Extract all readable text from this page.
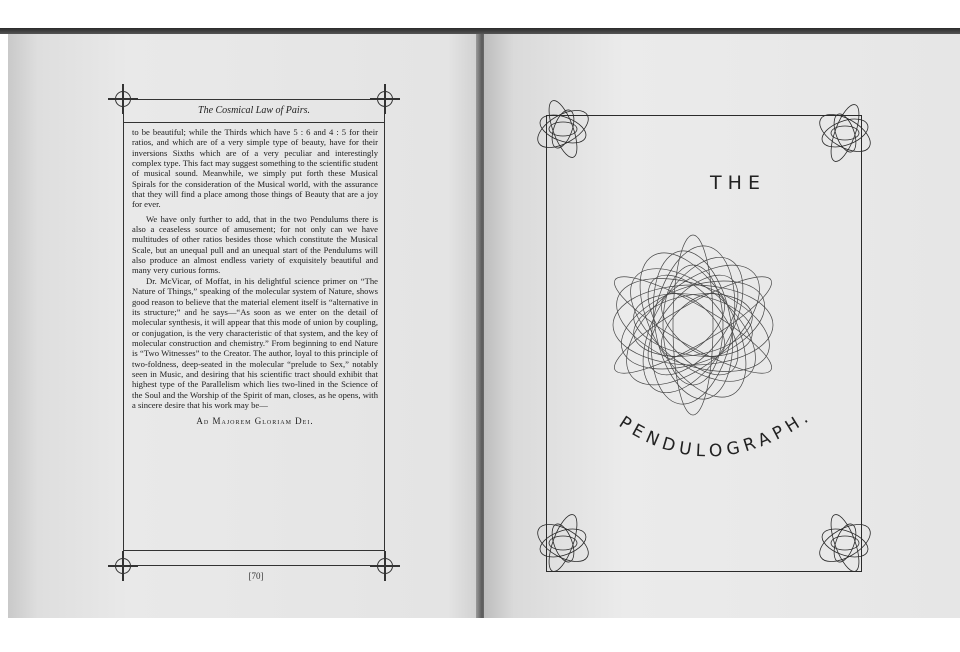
The Cosmical Law of Pairs.

to be beautiful; while the Thirds which have 5 : 6 and 4 : 5 for their ratios, and which are of a very simple type of beauty, have for their inversions Sixths which are of a very peculiar and interestingly complex type. This fact may suggest something to the scientific student of musical sound. Meanwhile, we simply put forth these Musical Spirals for the consideration of the Musical world, with the assurance that they will find a place among those things of Beauty that are a joy for ever.

We have only further to add, that in the two Pendulums there is also a ceaseless source of amusement; for not only can we have multitudes of other ratios besides those which constitute the Musical Scale, but an unequal pull and an unequal start of the Pendulums will also produce an almost endless variety of exquisitely beautiful and many very curious forms.

Dr. McVicar, of Moffat, in his delightful science primer on “The Nature of Things,” speaking of the molecular system of Nature, shows good reason to believe that the material element itself is “alternative in its structure;” and he says—“As soon as we enter on the detail of molecular synthesis, it will appear that this mode of union by coupling, or conjugation, is the very characteristic of that system, and the key of molecular construction and chemistry.” From beginning to end Nature is “Two Witnesses” to the Creator. The author, loyal to this principle of two-foldness, deep-seated in the molecular “prelude to Sex,” notably seen in Music, and desiring that his scientific tract should exhibit that highest type of the Parallelism which lies two-lined in the Science of the Soul and the Worship of the Spirit of man, closes, as he opens, with a sincere desire that his work may be—

Ad Majorem Gloriam Dei.
[70]
THE
PENDULOGRAPH.
